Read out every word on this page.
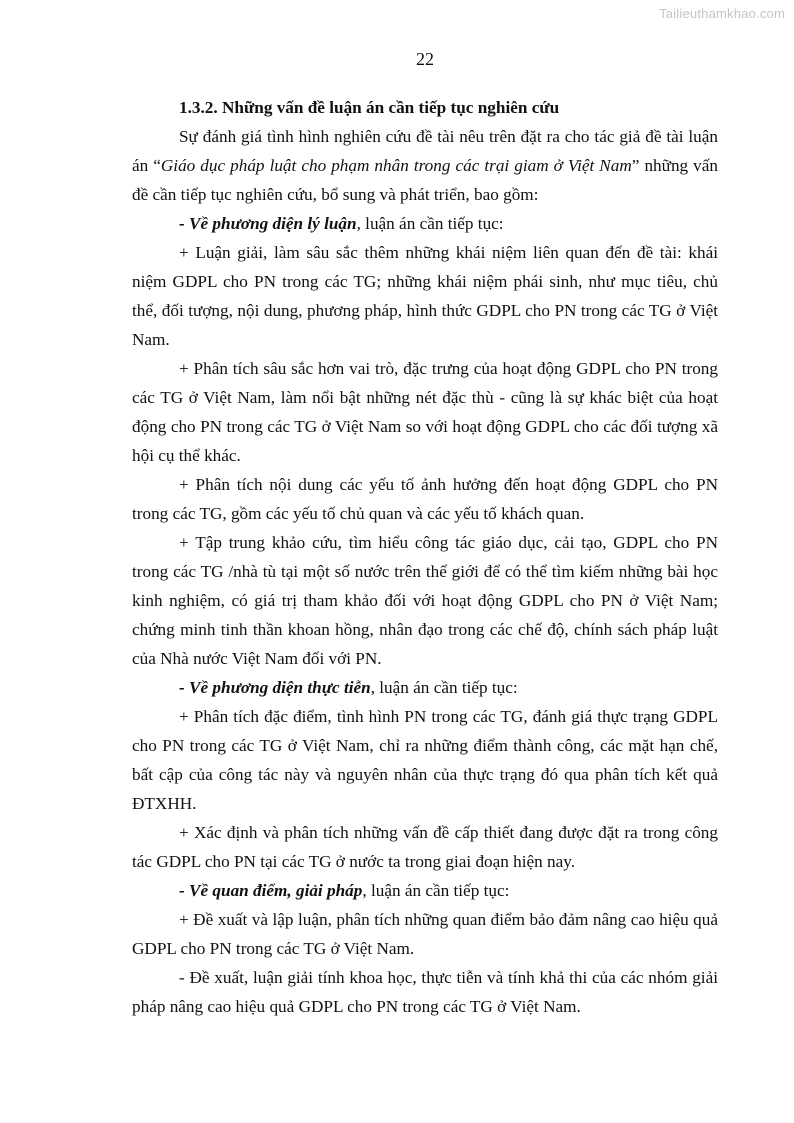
Tailieuthamkhao.com
22

1.3.2. Những vấn đề luận án cần tiếp tục nghiên cứu

Sự đánh giá tình hình nghiên cứu đề tài nêu trên đặt ra cho tác giả đề tài luận án “Giáo dục pháp luật cho phạm nhân trong các trại giam ở Việt Nam” những vấn đề cần tiếp tục nghiên cứu, bổ sung và phát triển, bao gồm:

- Về phương diện lý luận, luận án cần tiếp tục:

+ Luận giải, làm sâu sắc thêm những khái niệm liên quan đến đề tài: khái niệm GDPL cho PN trong các TG; những khái niệm phái sinh, như mục tiêu, chủ thể, đối tượng, nội dung, phương pháp, hình thức GDPL cho PN trong các TG ở Việt Nam.

+ Phân tích sâu sắc hơn vai trò, đặc trưng của hoạt động GDPL cho PN trong các TG ở Việt Nam, làm nổi bật những nét đặc thù - cũng là sự khác biệt của hoạt động cho PN trong các TG ở Việt Nam so với hoạt động GDPL cho các đối tượng xã hội cụ thể khác.

+ Phân tích nội dung các yếu tố ảnh hưởng đến hoạt động GDPL cho PN trong các TG, gồm các yếu tố chủ quan và các yếu tố khách quan.

+ Tập trung khảo cứu, tìm hiểu công tác giáo dục, cải tạo, GDPL cho PN trong các TG /nhà tù tại một số nước trên thế giới để có thể tìm kiếm những bài học kinh nghiệm, có giá trị tham khảo đối với hoạt động GDPL cho PN ở Việt Nam; chứng minh tinh thần khoan hồng, nhân đạo trong các chế độ, chính sách pháp luật của Nhà nước Việt Nam đối với PN.

- Về phương diện thực tiễn, luận án cần tiếp tục:

+ Phân tích đặc điểm, tình hình PN trong các TG, đánh giá thực trạng GDPL cho PN trong các TG ở Việt Nam, chỉ ra những điểm thành công, các mặt hạn chế, bất cập của công tác này và nguyên nhân của thực trạng đó qua phân tích kết quả ĐTXHH.

+ Xác định và phân tích những vấn đề cấp thiết đang được đặt ra trong công tác GDPL cho PN tại các TG ở nước ta trong giai đoạn hiện nay.

- Về quan điểm, giải pháp, luận án cần tiếp tục:

+ Đề xuất và lập luận, phân tích những quan điểm bảo đảm nâng cao hiệu quả GDPL cho PN trong các TG ở Việt Nam.

- Đề xuất, luận giải tính khoa học, thực tiễn và tính khả thi của các nhóm giải pháp nâng cao hiệu quả GDPL cho PN trong các TG ở Việt Nam.
